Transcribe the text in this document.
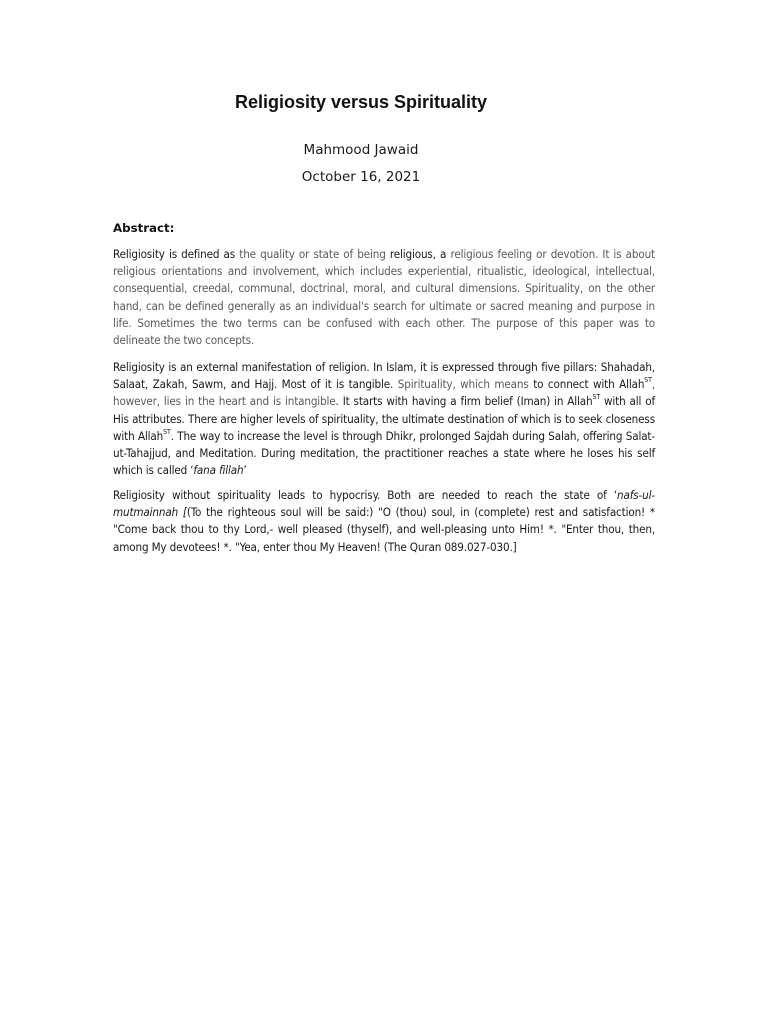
Religiosity versus Spirituality
Mahmood Jawaid
October 16, 2021
Abstract:
Religiosity is defined as the quality or state of being religious, a religious feeling or devotion. It is about religious orientations and involvement, which includes experiential, ritualistic, ideological, intellectual, consequential, creedal, communal, doctrinal, moral, and cultural dimensions. Spirituality, on the other hand, can be defined generally as an individual's search for ultimate or sacred meaning and purpose in life. Sometimes the two terms can be confused with each other. The purpose of this paper was to delineate the two concepts.
Religiosity is an external manifestation of religion. In Islam, it is expressed through five pillars: Shahadah, Salaat, Zakah, Sawm, and Hajj. Most of it is tangible. Spirituality, which means to connect with Allah$^{ST}$, however, lies in the heart and is intangible. It starts with having a firm belief (Iman) in Allah$^{ST}$ with all of His attributes. There are higher levels of spirituality, the ultimate destination of which is to seek closeness with Allah$^{ST}$. The way to increase the level is through Dhikr, prolonged Sajdah during Salah, offering Salat-ut-Tahajjud, and Meditation. During meditation, the practitioner reaches a state where he loses his self which is called ‘fana fillah’
Religiosity without spirituality leads to hypocrisy. Both are needed to reach the state of ‘nafs-ul-mutmainnah [(To the righteous soul will be said:) "O (thou) soul, in (complete) rest and satisfaction! * "Come back thou to thy Lord,- well pleased (thyself), and well-pleasing unto Him! *. "Enter thou, then, among My devotees! *. "Yea, enter thou My Heaven! (The Quran 089.027-030.]
